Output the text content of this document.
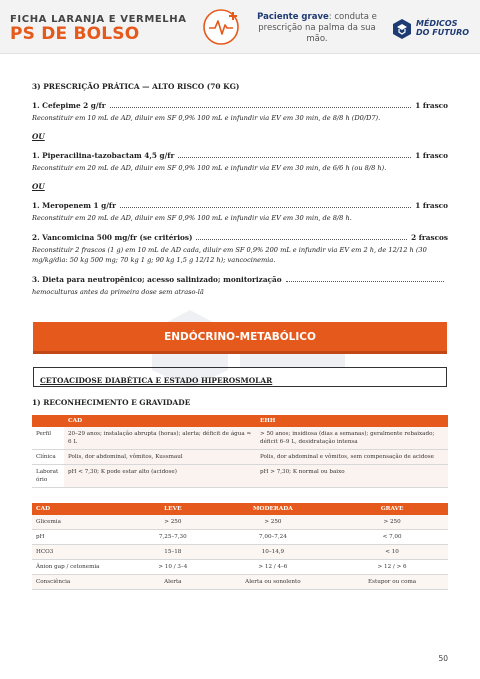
FICHA LARANJA E VERMELHA
PS DE BOLSO
Paciente grave: conduta e prescrição na palma da sua mão.
MÉDICOS
DO FUTURO
3) PRESCRIÇÃO PRÁTICA — ALTO RISCO (70 KG)
1. Cefepime 2 g/fr	1 frasco
Reconstituir em 10 mL de AD, diluir em SF 0,9% 100 mL e infundir via EV em 30 min, de 8/8 h (D0/D7).
OU
1. Piperacilina-tazobactam 4,5 g/fr	1 frasco
Reconstituir em 20 mL de AD, diluir em SF 0,9% 100 mL e infundir via EV em 30 min, de 6/6 h (ou 8/8 h).
OU
1. Meropenem 1 g/fr	1 frasco
Reconstituir em 20 mL de AD, diluir em SF 0,9% 100 mL e infundir via EV em 30 min, de 8/8 h.
2. Vancomicina 500 mg/fr (se critérios)	2 frascos
Reconstituir 2 frascos (1 g) em 10 mL de AD cada, diluir em SF 0,9% 200 mL e infundir via EV em 2 h, de 12/12 h (30 mg/kg/dia: 50 kg 500 mg; 70 kg 1 g; 90 kg 1,5 g 12/12 h); vancocinemia.
3. Dieta para neutropênico; acesso salinizado; monitorização
hemoculturas antes da primeira dose sem atraso-lã
ENDÓCRINO-METABÓLICO
CETOACIDOSE DIABÉTICA E ESTADO HIPEROSMOLAR
1) RECONHECIMENTO E GRAVIDADE
	CAD	EHH
Perfil	20–29 anos; instalação abrupta (horas); alerta; déficit de água ≈ 6 L	> 50 anos; insidiosa (dias a semanas); geralmente rebaixado; déficit 6–9 L, desidratação intensa
Clínica	Polis, dor abdominal, vômitos, Kussmaul	Polis, dor abdominal e vômitos, sem compensação de acidose
Laboratório	pH < 7,30; K pode estar alto (acidose)	pH > 7,30; K normal ou baixo
CAD	LEVE	MODERADA	GRAVE
Glicemia	> 250	> 250	> 250
pH	7,25–7,30	7,00–7,24	< 7,00
HCO3	15–18	10–14,9	< 10
Ânion gap / cetonemia	> 10 / 3–4	> 12 / 4–6	> 12 / > 6
Consciência	Alerta	Alerta ou sonolento	Estupor ou coma
50
